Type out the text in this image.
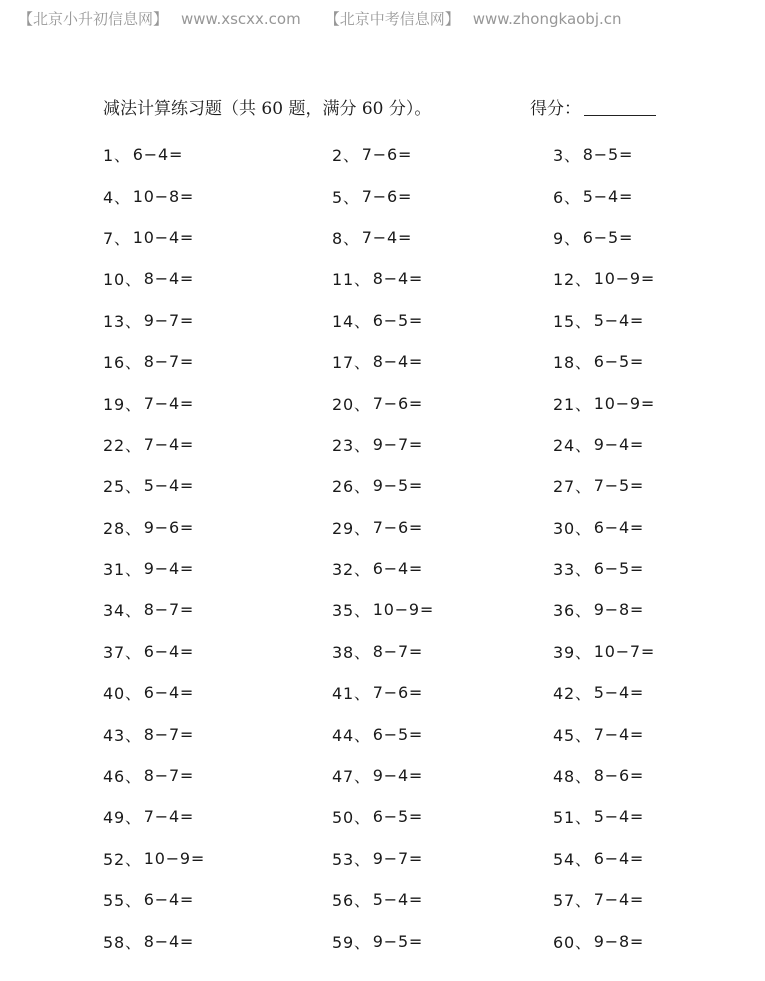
【北京小升初信息网】 www.xscxx.com 【北京中考信息网】 www.zhongkaobj.cn
减法计算练习题（共 60 题，满分 60 分）。	得分：
1、 6−4=	2、 7−6=	3、 8−5=
4、 10−8=	5、 7−6=	6、 5−4=
7、 10−4=	8、 7−4=	9、 6−5=
10、 8−4=	11、 8−4=	12、 10−9=
13、 9−7=	14、 6−5=	15、 5−4=
16、 8−7=	17、 8−4=	18、 6−5=
19、 7−4=	20、 7−6=	21、 10−9=
22、 7−4=	23、 9−7=	24、 9−4=
25、 5−4=	26、 9−5=	27、 7−5=
28、 9−6=	29、 7−6=	30、 6−4=
31、 9−4=	32、 6−4=	33、 6−5=
34、 8−7=	35、 10−9=	36、 9−8=
37、 6−4=	38、 8−7=	39、 10−7=
40、 6−4=	41、 7−6=	42、 5−4=
43、 8−7=	44、 6−5=	45、 7−4=
46、 8−7=	47、 9−4=	48、 8−6=
49、 7−4=	50、 6−5=	51、 5−4=
52、 10−9=	53、 9−7=	54、 6−4=
55、 6−4=	56、 5−4=	57、 7−4=
58、 8−4=	59、 9−5=	60、 9−8=
